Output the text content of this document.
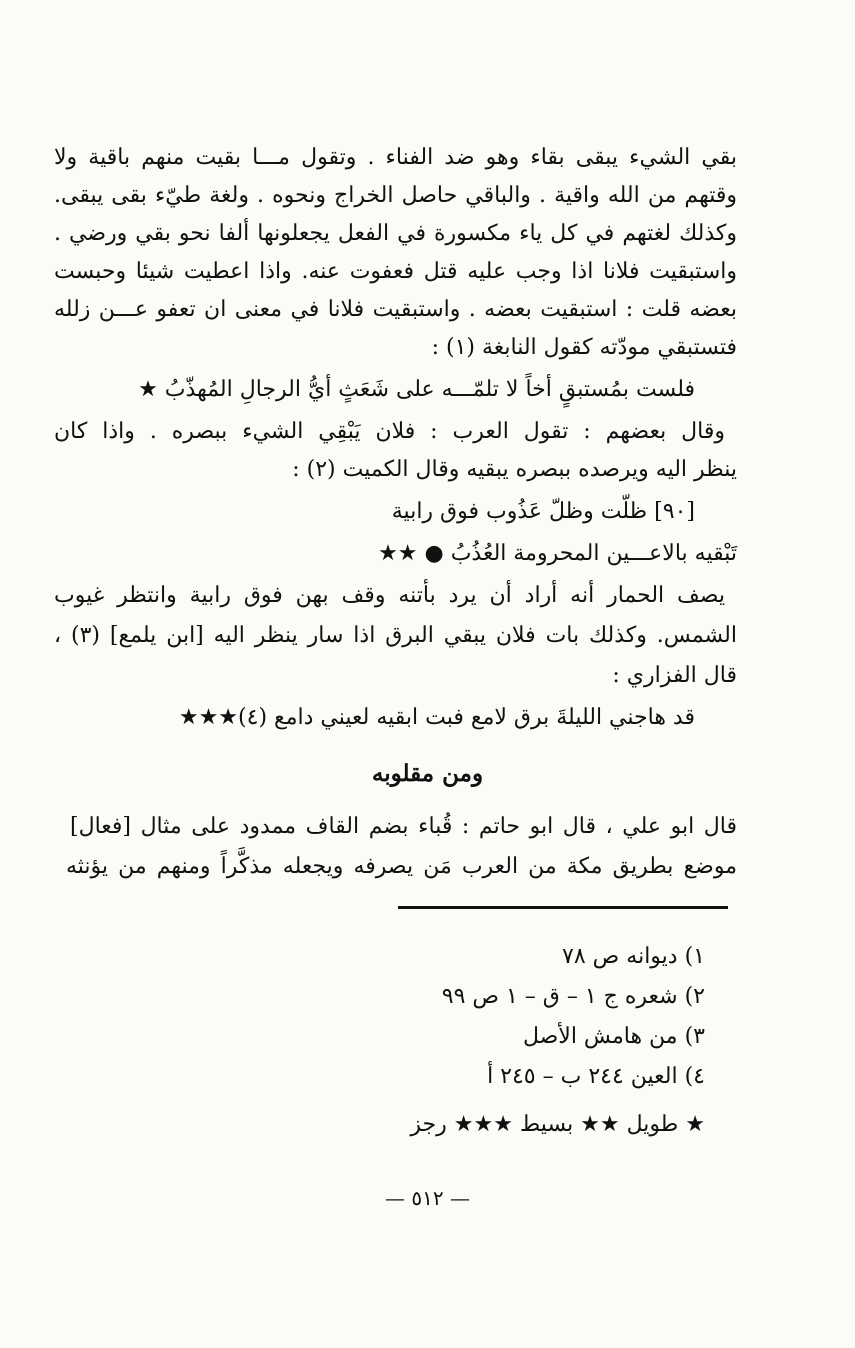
بقي الشيء يبقى بقاء وهو ضد الفناء . وتقول مـــا بقيت منهم باقية ولا
وقتهم من الله واقية . والباقي حاصل الخراج ونحوه . ولغة طيّء بقى يبقى.
وكذلك لغتهم في كل ياء مكسورة في الفعل يجعلونها ألفا نحو بقي ورضي .
واستبقيت فلانا اذا وجب عليه قتل فعفوت عنه. واذا اعطيت شيئا وحبست
بعضه قلت : استبقيت بعضه . واستبقيت فلانا في معنى ان تعفو عـــن زلله
فتستبقي مودّته كقول النابغة (١) :
فلست بمُستبقٍ أخاً لا تلمّـــه على شَعَثٍ أيُّ الرجالِ المُهذّبُ ★
وقال بعضهم : تقول العرب : فلان يَبْقِي الشيء ببصره . واذا كان
ينظر اليه ويرصده ببصره يبقيه وقال الكميت (٢) :
[٩٠] ظلّت وظلّ عَذُوب فوق رابية
تَبْقيه بالاعـــين المحرومة العُذُبُ ● ★★
يصف الحمار أنه أراد أن يرد بأتنه وقف بهن فوق رابية وانتظر غيوب
الشمس. وكذلك بات فلان يبقي البرق اذا سار ينظر اليه [ابن يلمع] (٣) ،
قال الفزاري :
قد هاجني الليلةَ برق لامع فبت ابقيه لعيني دامع (٤)★★★
ومن مقلوبه
قال ابو علي ، قال ابو حاتم : قُباء بضم القاف ممدود على مثال [فعال]
موضع بطريق مكة من العرب مَن يصرفه ويجعله مذكَّراً ومنهم من يؤنثه
١) ديوانه ص ٧٨
٢) شعره ج ١ – ق – ١ ص ٩٩
٣) من هامش الأصل
٤) العين ٢٤٤ ب – ٢٤٥ أ
★ طويل ★★ بسيط ★★★ رجز
— ٥١٢ —
